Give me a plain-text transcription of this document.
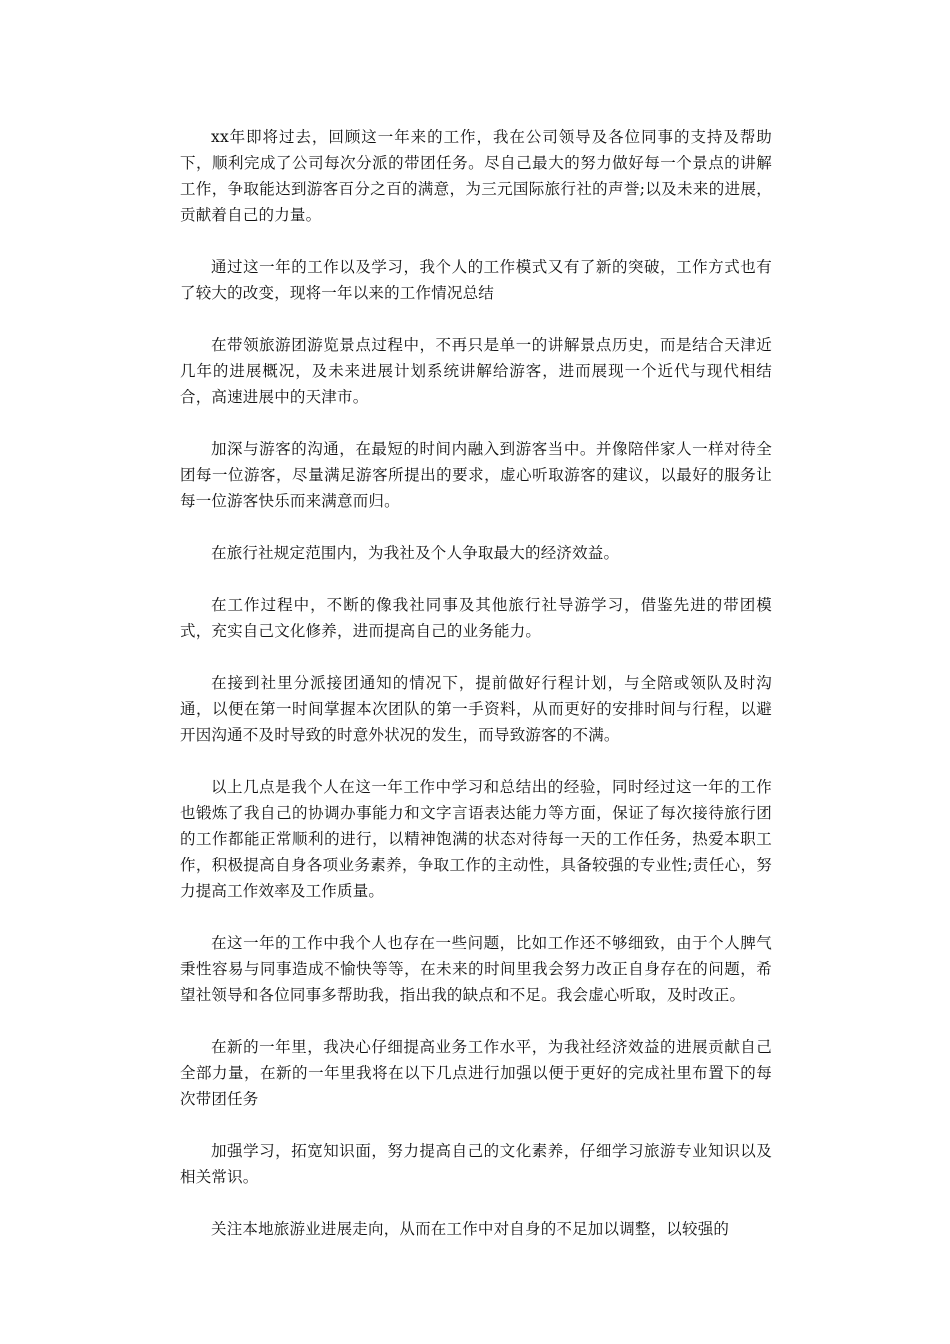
xx年即将过去，回顾这一年来的工作，我在公司领导及各位同事的支持及帮助下，顺利完成了公司每次分派的带团任务。尽自己最大的努力做好每一个景点的讲解工作，争取能达到游客百分之百的满意，为三元国际旅行社的声誉;以及未来的进展，贡献着自己的力量。

通过这一年的工作以及学习，我个人的工作模式又有了新的突破，工作方式也有了较大的改变，现将一年以来的工作情况总结

在带领旅游团游览景点过程中，不再只是单一的讲解景点历史，而是结合天津近几年的进展概况，及未来进展计划系统讲解给游客，进而展现一个近代与现代相结合，高速进展中的天津市。

加深与游客的沟通，在最短的时间内融入到游客当中。并像陪伴家人一样对待全团每一位游客，尽量满足游客所提出的要求，虚心听取游客的建议，以最好的服务让每一位游客快乐而来满意而归。

在旅行社规定范围内，为我社及个人争取最大的经济效益。

在工作过程中，不断的像我社同事及其他旅行社导游学习，借鉴先进的带团模式，充实自己文化修养，进而提高自己的业务能力。

在接到社里分派接团通知的情况下，提前做好行程计划，与全陪或领队及时沟通，以便在第一时间掌握本次团队的第一手资料，从而更好的安排时间与行程，以避开因沟通不及时导致的时意外状况的发生，而导致游客的不满。

以上几点是我个人在这一年工作中学习和总结出的经验，同时经过这一年的工作也锻炼了我自己的协调办事能力和文字言语表达能力等方面，保证了每次接待旅行团的工作都能正常顺利的进行，以精神饱满的状态对待每一天的工作任务，热爱本职工作，积极提高自身各项业务素养，争取工作的主动性，具备较强的专业性;责任心，努力提高工作效率及工作质量。

在这一年的工作中我个人也存在一些问题，比如工作还不够细致，由于个人脾气秉性容易与同事造成不愉快等等，在未来的时间里我会努力改正自身存在的问题，希望社领导和各位同事多帮助我，指出我的缺点和不足。我会虚心听取，及时改正。

在新的一年里，我决心仔细提高业务工作水平，为我社经济效益的进展贡献自己全部力量，在新的一年里我将在以下几点进行加强以便于更好的完成社里布置下的每次带团任务

加强学习，拓宽知识面，努力提高自己的文化素养，仔细学习旅游专业知识以及相关常识。

关注本地旅游业进展走向，从而在工作中对自身的不足加以调整，以较强的
